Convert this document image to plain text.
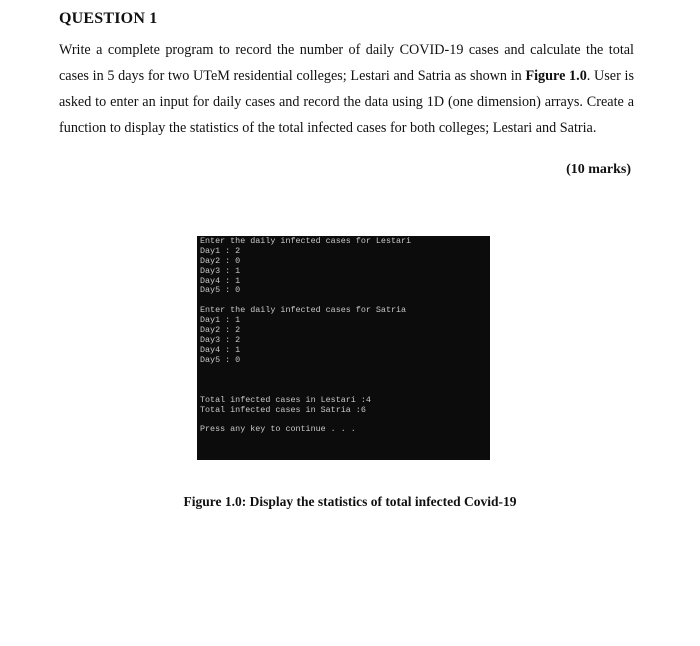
QUESTION 1
Write a complete program to record the number of daily COVID-19 cases and calculate the total cases in 5 days for two UTeM residential colleges; Lestari and Satria as shown in Figure 1.0. User is asked to enter an input for daily cases and record the data using 1D (one dimension) arrays. Create a function to display the statistics of the total infected cases for both colleges; Lestari and Satria.
(10 marks)
Enter the daily infected cases for Lestari
Day1 : 2
Day2 : 0
Day3 : 1
Day4 : 1
Day5 : 0
Enter the daily infected cases for Satria
Day1 : 1
Day2 : 2
Day3 : 2
Day4 : 1
Day5 : 0
Total infected cases in Lestari :4
Total infected cases in Satria :6
Press any key to continue . . .
Figure 1.0: Display the statistics of total infected Covid-19
